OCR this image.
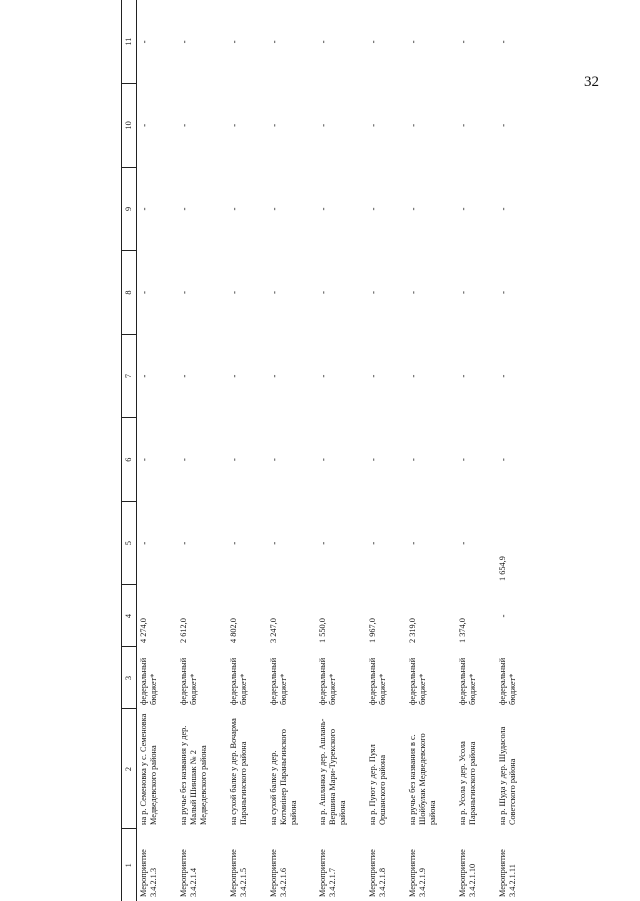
32
1	2	3	4	5	6	7	8	9	10	11
Мероприятие 3.4.2.1.3	на р. Семеновка у с. Семеновка Медведевского района	федеральный бюджет*	4 274,0	-	-	-	-	-	-	-
Мероприятие 3.4.2.1.4	на ручье без названия у дер. Малый Шиншак № 2 Медведевского района	федеральный бюджет*	2 612,0	-	-	-	-	-	-	-
Мероприятие 3.4.2.1.5	на сухой балке у дер. Вочарма Параньгинского района	федеральный бюджет*	4 802,0	-	-	-	-	-	-	-
Мероприятие 3.4.2.1.6	на сухой балке у дер. Котмиiнер Параньгинского района	федеральный бюджет*	3 247,0	-	-	-	-	-	-	-
Мероприятие 3.4.2.1.7	на р. Ашланка у дер. Ашлань-Вершина Мари-Турекского района	федеральный бюджет*	1 550,0	-	-	-	-	-	-	-
Мероприятие 3.4.2.1.8	на р. Пуют у дер. Пуял Оршанского района	федеральный бюджет*	1 967,0	-	-	-	-	-	-	-
Мероприятие 3.4.2.1.9	на ручье без названия в с. Шойбулак Медведевского района	федеральный бюджет*	2 319,0	-	-	-	-	-	-	-
Мероприятие 3.4.2.1.10	на р. Усола у дер. Усола Параньгинского района	федеральный бюджет*	1 374,0	-	-	-	-	-	-	-
Мероприятие 3.4.2.1.11	на р. Шуда у дер. Шудасола Советского района	федеральный бюджет*	-	1 654,9	-	-	-	-	-	-
